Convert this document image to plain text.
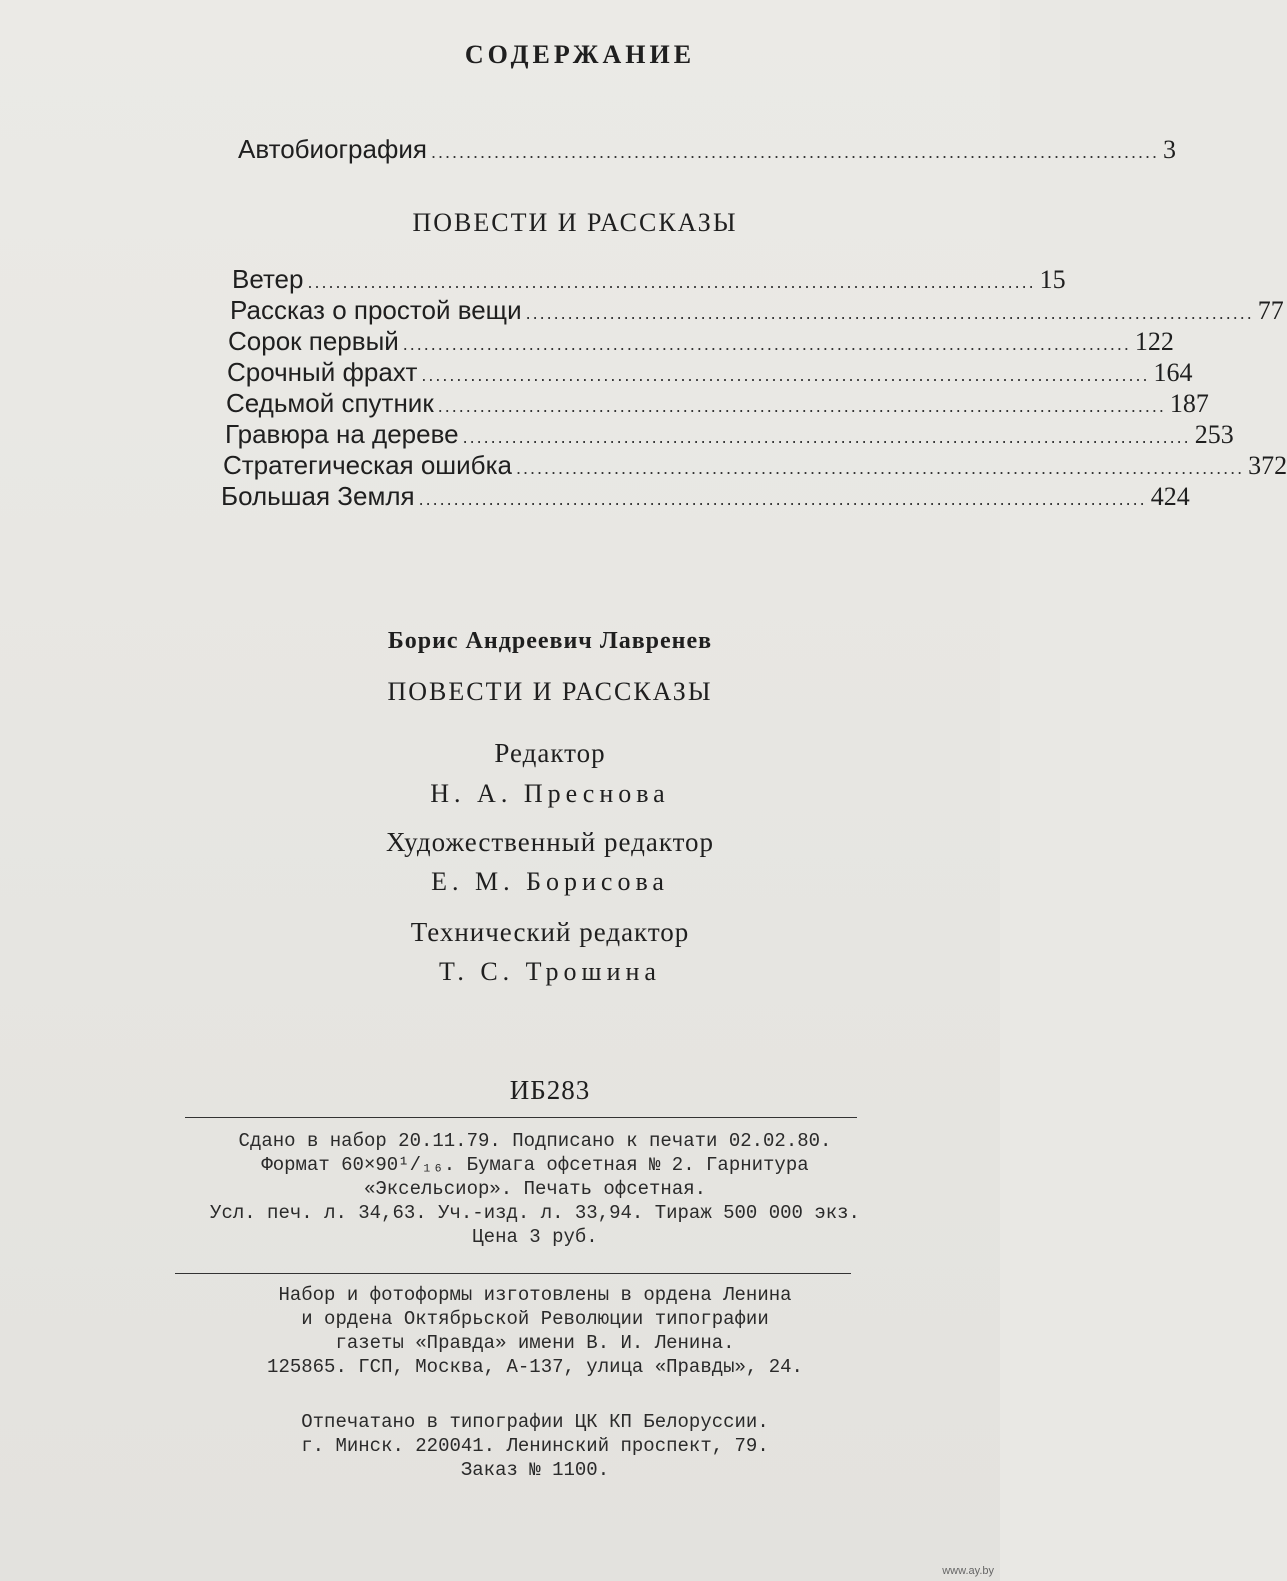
СОДЕРЖАНИЕ
Автобиография ........................................................................................................ 3
ПОВЕСТИ И РАССКАЗЫ
Ветер ........................................................................................................ 15
Рассказ о простой вещи ........................................................................................................ 77
Сорок первый ........................................................................................................ 122
Срочный фрахт ........................................................................................................ 164
Седьмой спутник ........................................................................................................ 187
Гравюра на дереве ........................................................................................................ 253
Стратегическая ошибка ........................................................................................................ 372
Большая Земля ........................................................................................................ 424
Борис Андреевич Лавренев
ПОВЕСТИ И РАССКАЗЫ
Редактор
Н. А. Преснова
Художественный редактор
Е. М. Борисова
Технический редактор
Т. С. Трошина
ИБ283
Сдано в набор 20.11.79. Подписано к печати 02.02.80.
Формат 60×90¹/₁₆. Бумага офсетная № 2. Гарнитура
«Эксельсиор». Печать офсетная.
Усл. печ. л. 34,63. Уч.-изд. л. 33,94. Тираж 500 000 экз.
Цена 3 руб.
Набор и фотоформы изготовлены в ордена Ленина
и ордена Октябрьской Революции типографии
газеты «Правда» имени В. И. Ленина.
125865. ГСП, Москва, А-137, улица «Правды», 24.
Отпечатано в типографии ЦК КП Белоруссии.
г. Минск. 220041. Ленинский проспект, 79.
Заказ № 1100.
www.ay.by
